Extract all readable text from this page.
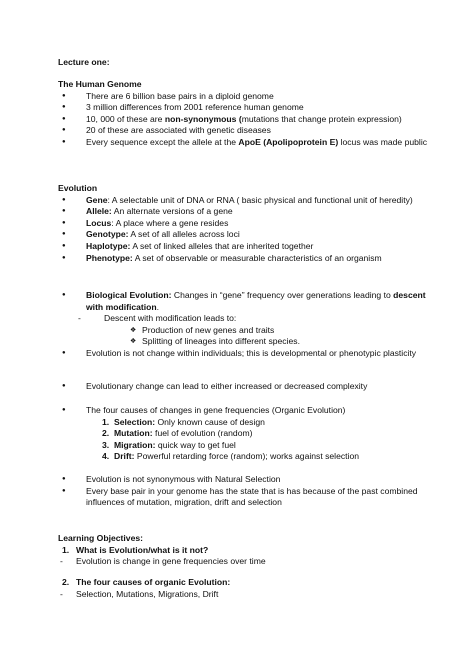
Lecture one:
The Human Genome
● There are 6 billion base pairs in a diploid genome
● 3 million differences from 2001 reference human genome
● 10, 000 of these are non-synonymous (mutations that change protein expression)
● 20 of these are associated with genetic diseases
● Every sequence except the allele at the ApoE (Apolipoprotein E) locus was made public
Evolution
● Gene: A selectable unit of DNA or RNA ( basic physical and functional unit of heredity)
● Allele: An alternate versions of a gene
● Locus: A place where a gene resides
● Genotype: A set of all alleles across loci
● Haplotype: A set of linked alleles that are inherited together
● Phenotype: A set of observable or measurable characteristics of an organism
● Biological Evolution: Changes in “gene” frequency over generations leading to descent with modification.
- Descent with modification leads to:
❖ Production of new genes and traits
❖ Splitting of lineages into different species.
● Evolution is not change within individuals; this is developmental or phenotypic plasticity
● Evolutionary change can lead to either increased or decreased complexity
● The four causes of changes in gene frequencies (Organic Evolution)
1. Selection: Only known cause of design
2. Mutation: fuel of evolution (random)
3. Migration: quick way to get fuel
4. Drift: Powerful retarding force (random); works against selection
● Evolution is not synonymous with Natural Selection
● Every base pair in your genome has the state that is has because of the past combined influences of mutation, migration, drift and selection
Learning Objectives:
1. What is Evolution/what is it not?
- Evolution is change in gene frequencies over time
2. The four causes of organic Evolution:
- Selection, Mutations, Migrations, Drift
